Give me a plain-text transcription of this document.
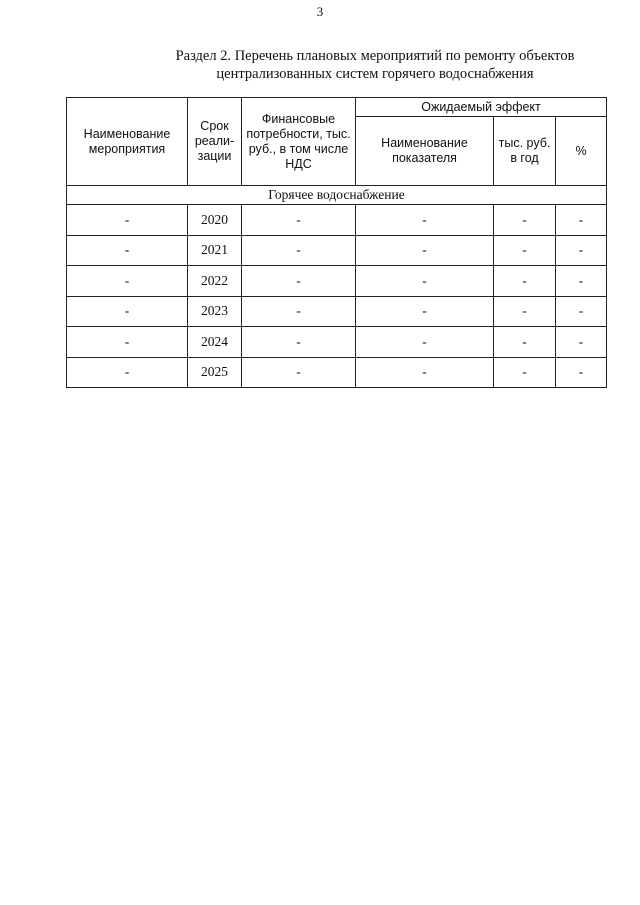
3
Раздел 2. Перечень плановых мероприятий по ремонту объектов
централизованных систем горячего водоснабжения
Наименование мероприятия	Срок реали-зации	Финансовые потребности, тыс. руб., в том числе НДС	Ожидаемый эффект		
			Наименование показателя	тыс. руб. в год	%
Горячее водоснабжение					
-	2020	-	-	-	-
-	2021	-	-	-	-
-	2022	-	-	-	-
-	2023	-	-	-	-
-	2024	-	-	-	-
-	2025	-	-	-	-
